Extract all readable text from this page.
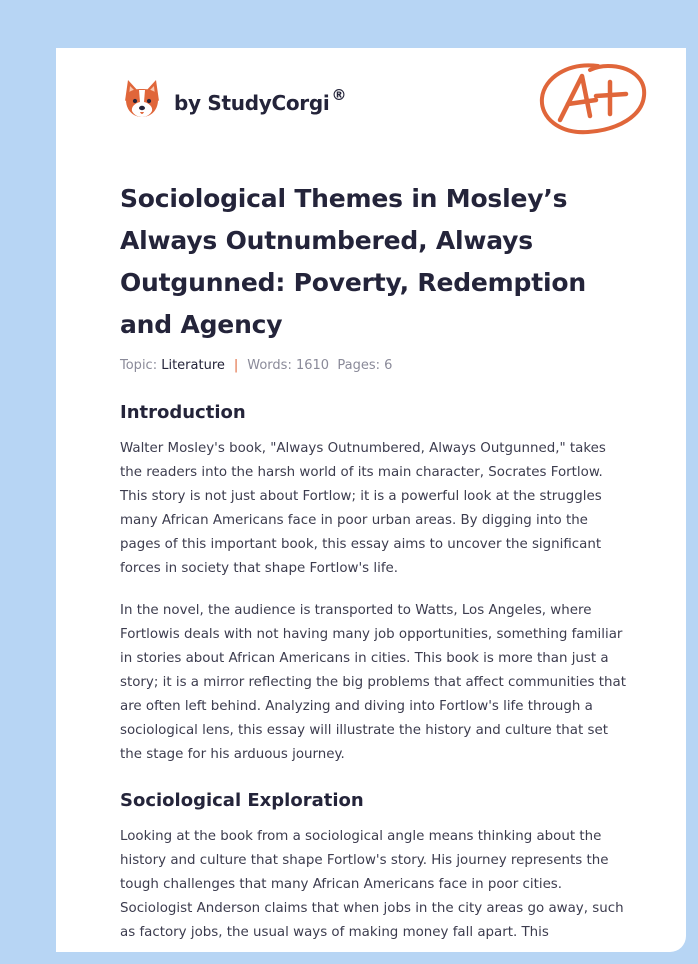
by StudyCorgi ®
Sociological Themes in Mosley’s Always Outnumbered, Always Outgunned: Poverty, Redemption and Agency
Topic: Literature | Words: 1610 Pages: 6
Introduction

Walter Mosley's book, "Always Outnumbered, Always Outgunned," takes the readers into the harsh world of its main character, Socrates Fortlow. This story is not just about Fortlow; it is a powerful look at the struggles many African Americans face in poor urban areas. By digging into the pages of this important book, this essay aims to uncover the significant forces in society that shape Fortlow's life.

In the novel, the audience is transported to Watts, Los Angeles, where Fortlowis deals with not having many job opportunities, something familiar in stories about African Americans in cities. This book is more than just a story; it is a mirror reflecting the big problems that affect communities that are often left behind. Analyzing and diving into Fortlow's life through a sociological lens, this essay will illustrate the history and culture that set the stage for his arduous journey.

Sociological Exploration

Looking at the book from a sociological angle means thinking about the history and culture that shape Fortlow's story. His journey represents the tough challenges that many African Americans face in poor cities. Sociologist Anderson claims that when jobs in the city areas go away, such as factory jobs, the usual ways of making money fall apart. This
